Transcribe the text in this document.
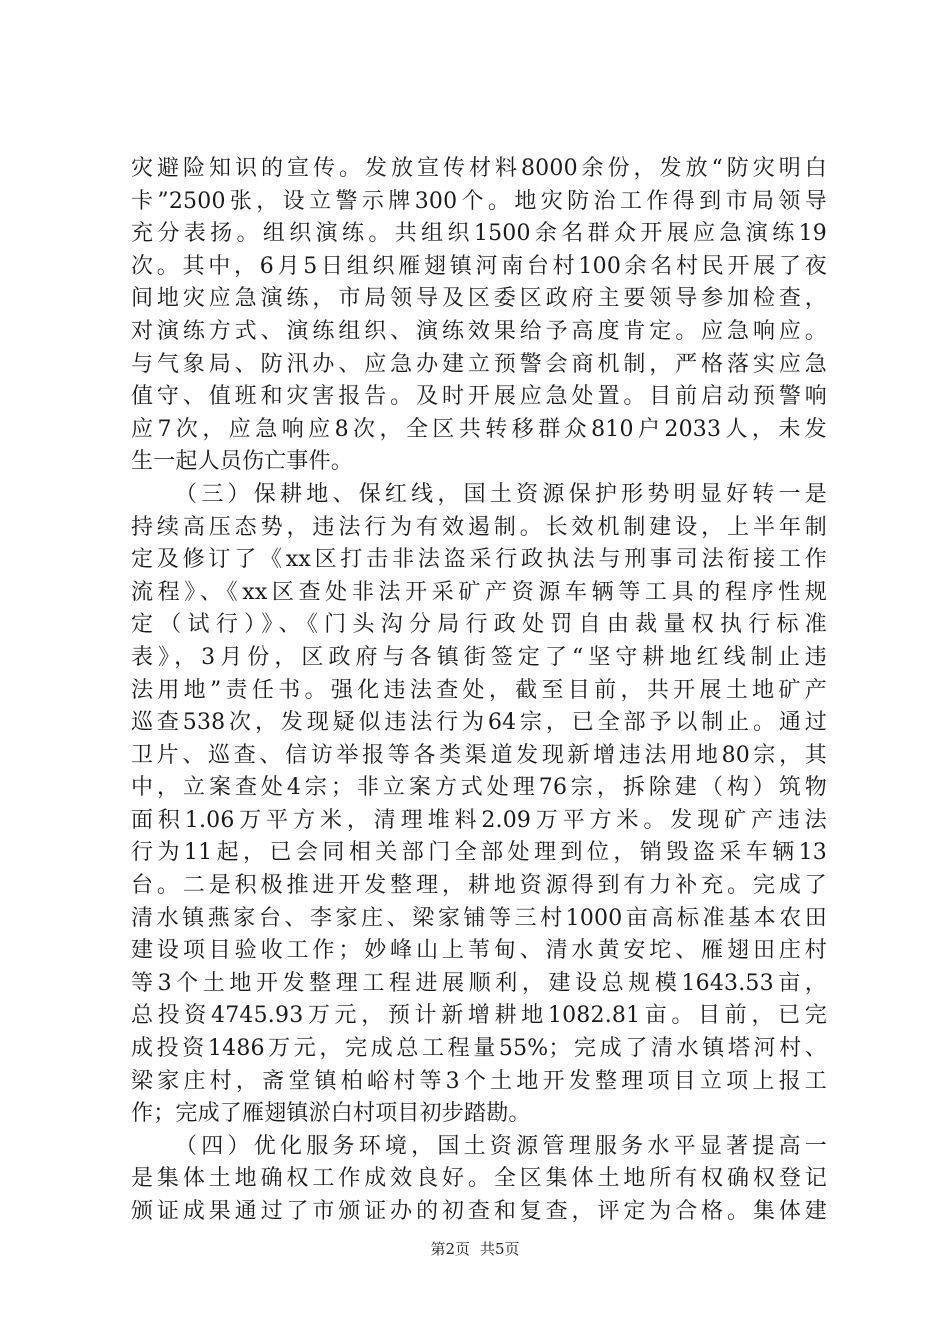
灾避险知识的宣传。发放宣传材料8000余份，发放“防灾明白
卡”2500张，设立警示牌300个。地灾防治工作得到市局领导
充分表扬。组织演练。共组织1500余名群众开展应急演练19
次。其中，6月5日组织雁翅镇河南台村100余名村民开展了夜
间地灾应急演练，市局领导及区委区政府主要领导参加检查，
对演练方式、演练组织、演练效果给予高度肯定。应急响应。
与气象局、防汛办、应急办建立预警会商机制，严格落实应急
值守、值班和灾害报告。及时开展应急处置。目前启动预警响
应7次，应急响应8次，全区共转移群众810户2033人，未发
生一起人员伤亡事件。
（三）保耕地、保红线，国土资源保护形势明显好转一是
持续高压态势，违法行为有效遏制。长效机制建设，上半年制
定及修订了《xx区打击非法盗采行政执法与刑事司法衔接工作
流程》、《xx区查处非法开采矿产资源车辆等工具的程序性规
定（试行）》、《门头沟分局行政处罚自由裁量权执行标准
表》，3月份，区政府与各镇街签定了“坚守耕地红线制止违
法用地”责任书。强化违法查处，截至目前，共开展土地矿产
巡查538次，发现疑似违法行为64宗，已全部予以制止。通过
卫片、巡查、信访举报等各类渠道发现新增违法用地80宗，其
中，立案查处4宗；非立案方式处理76宗，拆除建（构）筑物
面积1.06万平方米，清理堆料2.09万平方米。发现矿产违法
行为11起，已会同相关部门全部处理到位，销毁盗采车辆13
台。二是积极推进开发整理，耕地资源得到有力补充。完成了
清水镇燕家台、李家庄、梁家铺等三村1000亩高标准基本农田
建设项目验收工作；妙峰山上苇甸、清水黄安坨、雁翅田庄村
等3个土地开发整理工程进展顺利，建设总规模1643.53亩，
总投资4745.93万元，预计新增耕地1082.81亩。目前，已完
成投资1486万元，完成总工程量55%；完成了清水镇塔河村、
梁家庄村，斋堂镇柏峪村等3个土地开发整理项目立项上报工
作；完成了雁翅镇淤白村项目初步踏勘。
（四）优化服务环境，国土资源管理服务水平显著提高一
是集体土地确权工作成效良好。全区集体土地所有权确权登记
颁证成果通过了市颁证办的初查和复查，评定为合格。集体建
第2页 共5页
